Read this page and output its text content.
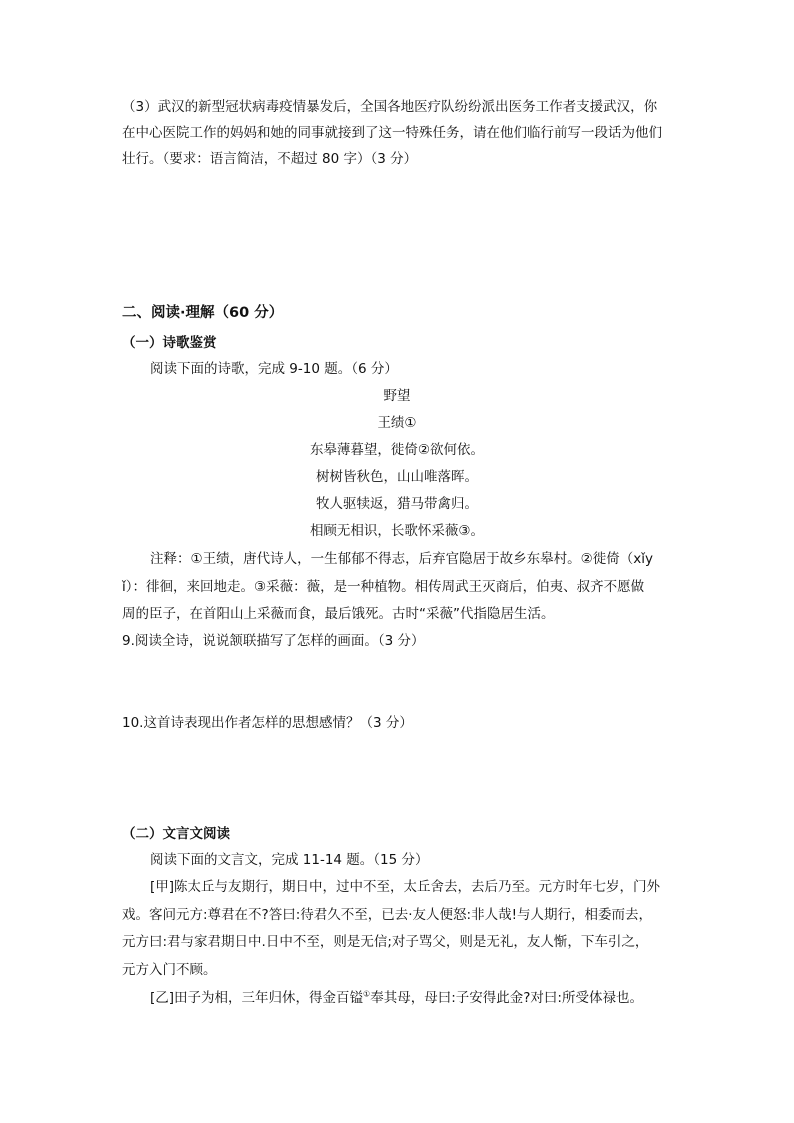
（3）武汉的新型冠状病毒疫情暴发后，全国各地医疗队纷纷派出医务工作者支援武汉，你
在中心医院工作的妈妈和她的同事就接到了这一特殊任务，请在他们临行前写一段话为他们
壮行。（要求：语言简洁，不超过 80 字）（3 分）
二、阅读·理解（60 分）
（一）诗歌鉴赏
阅读下面的诗歌，完成 9-10 题。（6 分）
野望
王绩①
东皋薄暮望，徙倚②欲何依。
树树皆秋色，山山唯落晖。
牧人驱犊返，猎马带禽归。
相顾无相识，长歌怀采薇③。
注释：①王绩，唐代诗人，一生郁郁不得志，后弃官隐居于故乡东皋村。②徙倚（xǐy
ǐ）：徘徊，来回地走。③采薇：薇，是一种植物。相传周武王灭商后，伯夷、叔齐不愿做
周的臣子，在首阳山上采薇而食，最后饿死。古时“采薇”代指隐居生活。
9.阅读全诗，说说颔联描写了怎样的画面。（3 分）
10.这首诗表现出作者怎样的思想感情？（3 分）
（二）文言文阅读
阅读下面的文言文，完成 11-14 题。（15 分）
[甲]陈太丘与友期行，期日中，过中不至，太丘舍去，去后乃至。元方时年七岁，门外
戏。客问元方:尊君在不?答曰:待君久不至，已去·友人便怒:非人哉!与人期行，相委而去，
元方曰:君与家君期日中.日中不至，则是无信;对子骂父，则是无礼，友人惭，下车引之，
元方入门不顾。
[乙]田子为相，三年归休，得金百镒①奉其母，母曰:子安得此金?对曰:所受体禄也。
